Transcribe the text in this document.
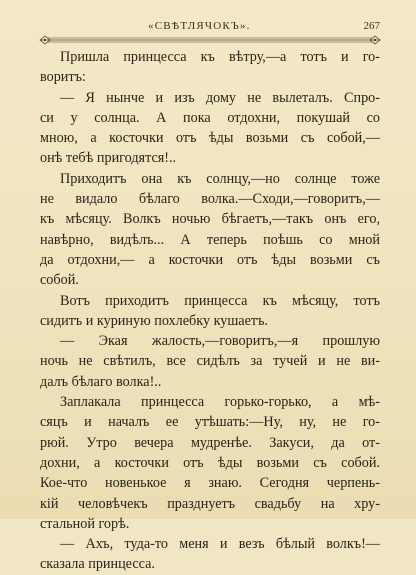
«СВѢТЛЯЧОКЪ».	267
Пришла принцесса къ вѣтру,—а тотъ и го-
воритъ:
— Я нынче и изъ дому не вылеталъ. Спро-
си у солнца. А пока отдохни, покушай со
мною, а косточки отъ ѣды возьми съ собой,—
онѣ тебѣ пригодятся!..
Приходитъ она къ солнцу,—но солнце тоже
не видало бѣлаго волка.—Сходи,—говоритъ,—
къ мѣсяцу. Волкъ ночью бѣгаетъ,—такъ онъ его,
навѣрно, видѣлъ... А теперь поѣшь со мной
да отдохни,— а косточки отъ ѣды возьми съ
собой.
Вотъ приходитъ принцесса къ мѣсяцу, тотъ
сидитъ и куриную похлебку кушаетъ.
— Экая жалость,—говоритъ,—я прошлую
ночь не свѣтилъ, все сидѣлъ за тучей и не ви-
далъ бѣлаго волка!..
Заплакала принцесса горько-горько, а мѣ-
сяцъ и началъ ее утѣшать:—Ну, ну, не го-
рюй. Утро вечера мудренѣе. Закуси, да от-
дохни, а косточки отъ ѣды возьми съ собой.
Кое-что новенькое я знаю. Сегодня черпень-
кій человѣчекъ празднуетъ свадьбу на хру-
стальной горѣ.
— Ахъ, туда-то меня и везъ бѣлый волкъ!—
сказала принцесса.
